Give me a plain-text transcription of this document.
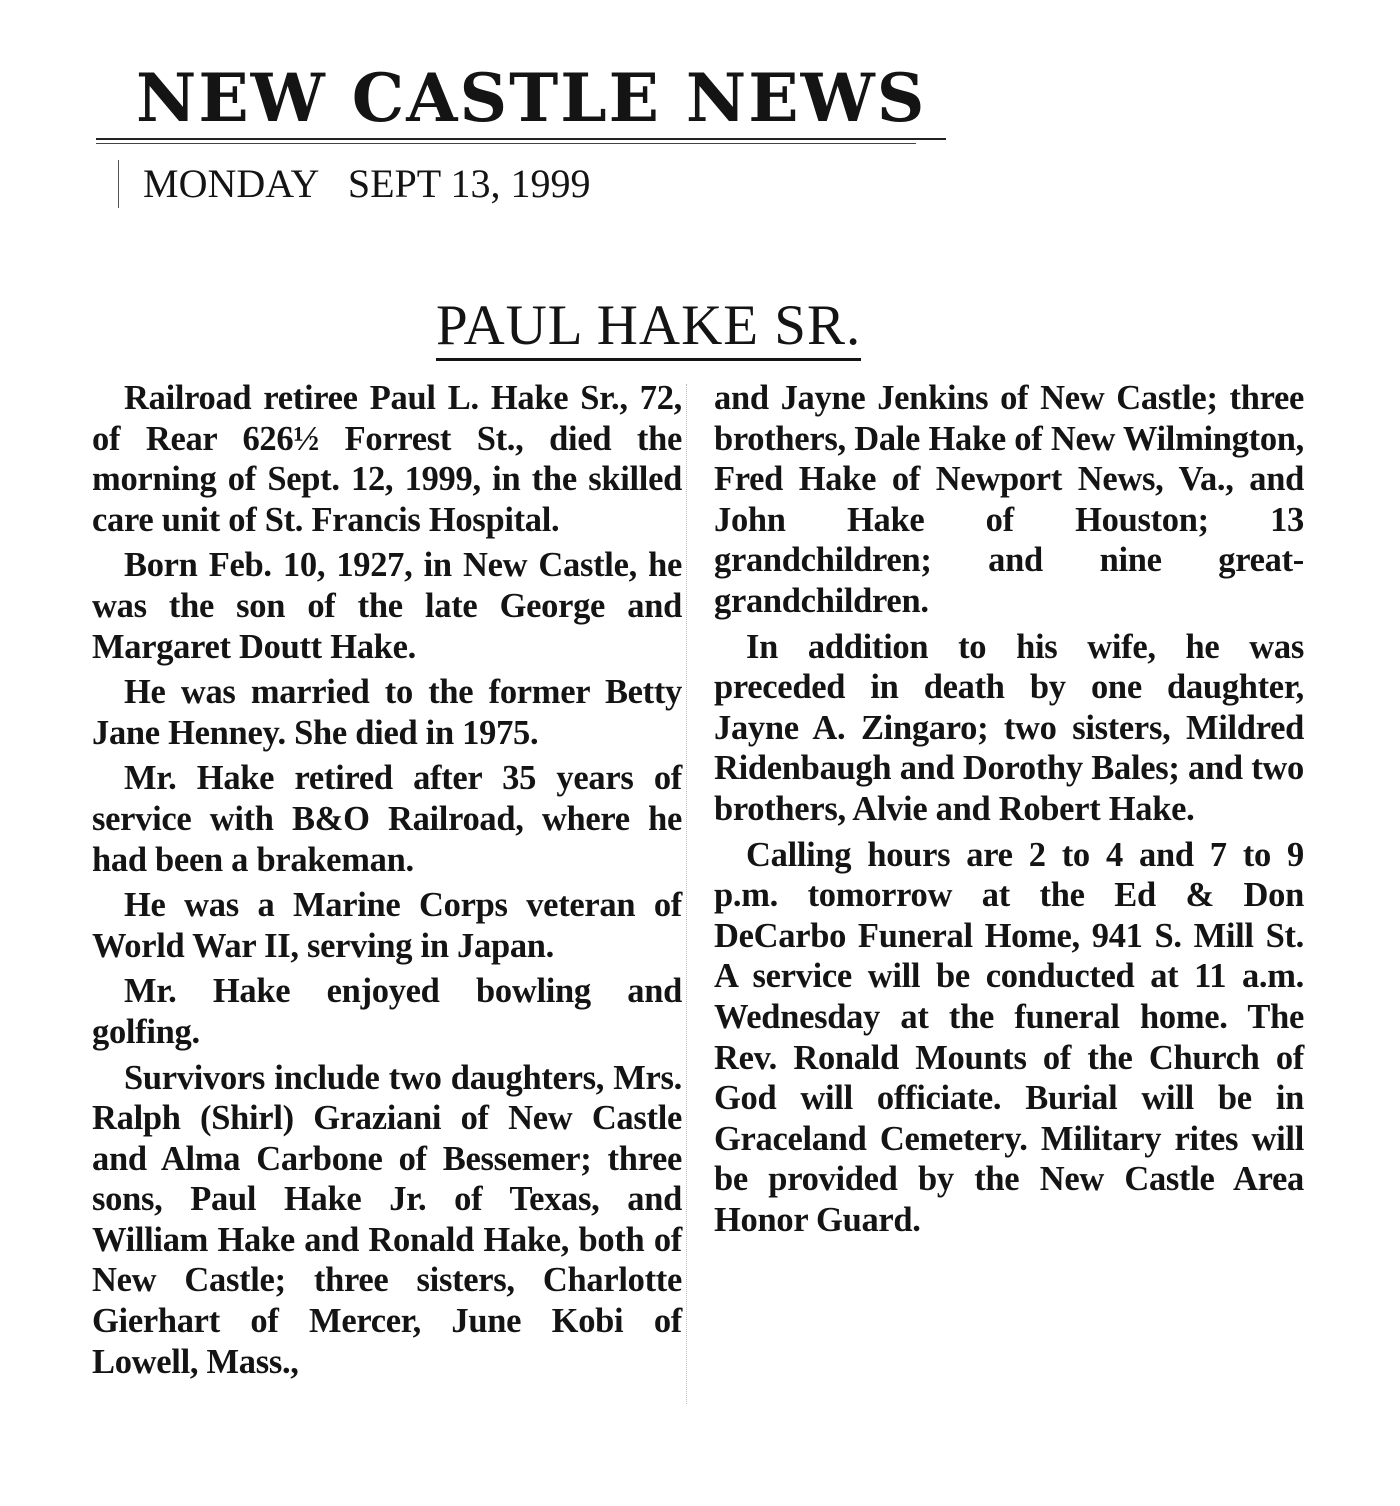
NEW CASTLE NEWS
MONDAY   SEPT 13, 1999
PAUL HAKE SR.

Railroad retiree Paul L. Hake Sr., 72, of Rear 626½ Forrest St., died the morning of Sept. 12, 1999, in the skilled care unit of St. Francis Hospital.

Born Feb. 10, 1927, in New Castle, he was the son of the late George and Margaret Doutt Hake.

He was married to the former Betty Jane Henney. She died in 1975.

Mr. Hake retired after 35 years of service with B&O Railroad, where he had been a brakeman.

He was a Marine Corps veteran of World War II, serving in Japan.

Mr. Hake enjoyed bowling and golfing.

Survivors include two daughters, Mrs. Ralph (Shirl) Graziani of New Castle and Alma Carbone of Bessemer; three sons, Paul Hake Jr. of Texas, and William Hake and Ronald Hake, both of New Castle; three sisters, Charlotte Gierhart of Mercer, June Kobi of Lowell, Mass.,

and Jayne Jenkins of New Castle; three brothers, Dale Hake of New Wilmington, Fred Hake of Newport News, Va., and John Hake of Houston; 13 grandchildren; and nine great-grandchildren.

In addition to his wife, he was preceded in death by one daughter, Jayne A. Zingaro; two sisters, Mildred Ridenbaugh and Dorothy Bales; and two brothers, Alvie and Robert Hake.

Calling hours are 2 to 4 and 7 to 9 p.m. tomorrow at the Ed & Don DeCarbo Funeral Home, 941 S. Mill St. A service will be conducted at 11 a.m. Wednesday at the funeral home. The Rev. Ronald Mounts of the Church of God will officiate. Burial will be in Graceland Cemetery. Military rites will be provided by the New Castle Area Honor Guard.
